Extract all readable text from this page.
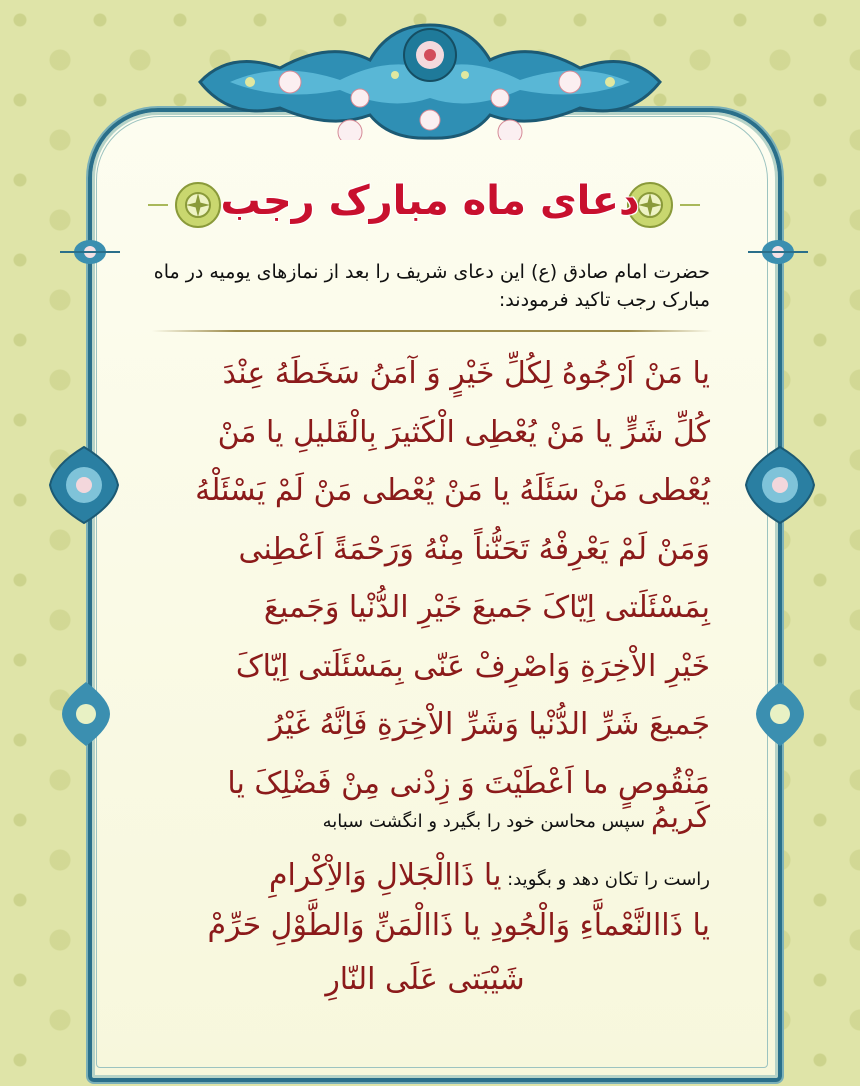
دعای ماه مبارک رجب
حضرت امام صادق (ع) این دعای شریف را بعد از نمازهای یومیه در ماه مبارک رجب تاکید فرمودند:
یا مَنْ اَرْجُوهُ لِکُلِّ خَیْرٍ وَ آمَنُ سَخَطَهُ عِنْدَ
کُلِّ شَرٍّ یا مَنْ یُعْطِی الْکَثیرَ بِالْقَلیلِ یا مَنْ
یُعْطی مَنْ سَئَلَهُ یا مَنْ یُعْطی مَنْ لَمْ یَسْئَلْهُ
وَمَنْ لَمْ یَعْرِفْهُ تَحَنُّناً مِنْهُ وَرَحْمَةً اَعْطِنی
بِمَسْئَلَتی اِیّاکَ جَمیعَ خَیْرِ الدُّنْیا وَجَمیعَ
خَیْرِ الاْخِرَةِ وَاصْرِفْ عَنّی بِمَسْئَلَتی اِیّاکَ
جَمیعَ شَرِّ الدُّنْیا وَشَرِّ الاْخِرَةِ فَاِنَّهُ غَیْرُ
مَنْقُوصٍ ما اَعْطَیْتَ وَ زِدْنی مِنْ فَضْلِکَ یا
کَریمُ سپس محاسن خود را بگیرد و انگشت سبابه
راست را تکان دهد و بگوید: یا ذَاالْجَلالِ وَالاِْکْرامِ
یا ذَاالنَّعْماَّءِ وَالْجُودِ یا ذَاالْمَنِّ وَالطَّوْلِ حَرِّمْ
شَیْبَتی عَلَی النّارِ
